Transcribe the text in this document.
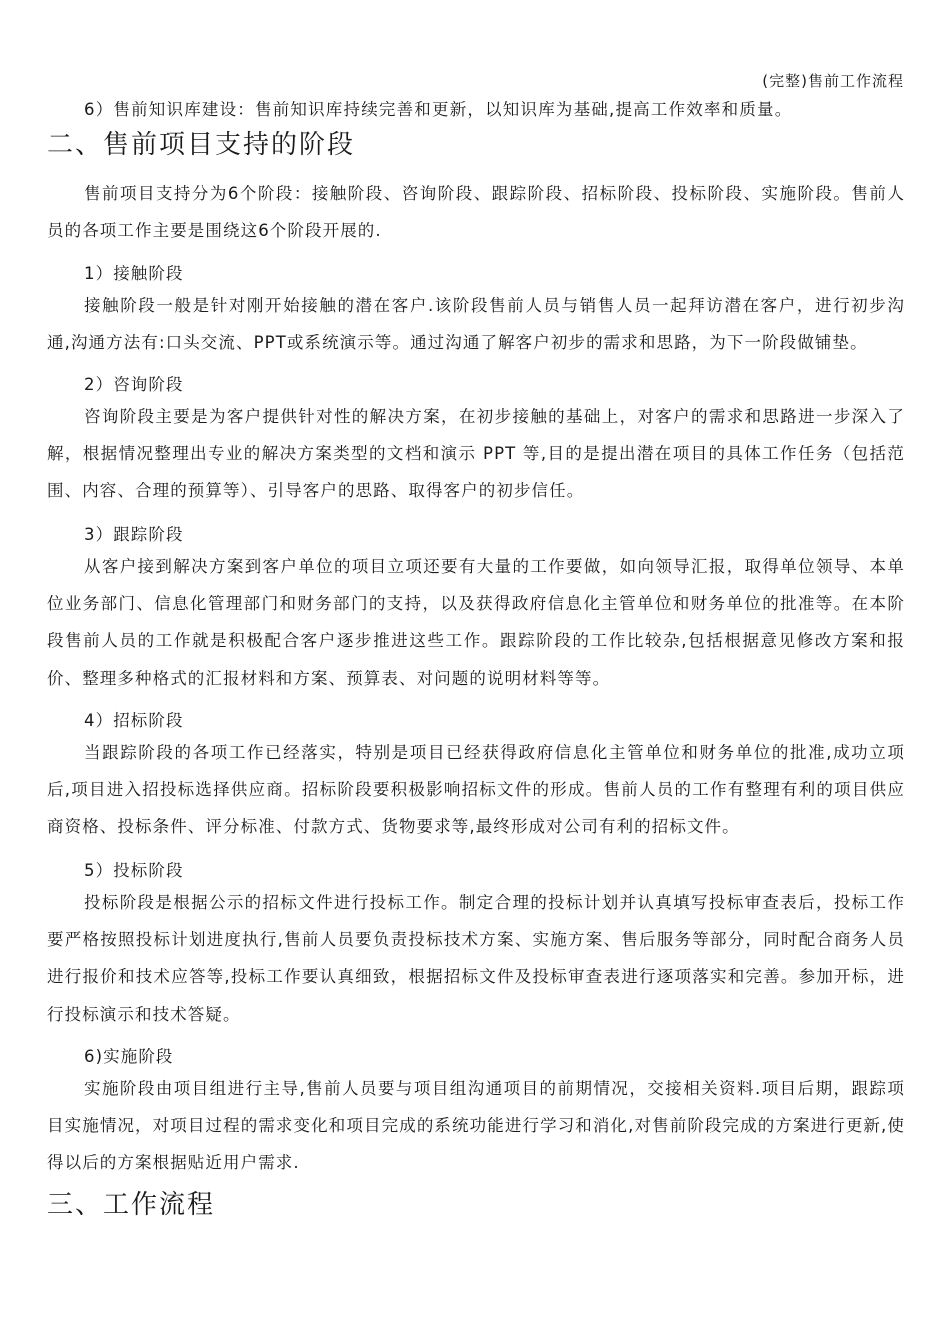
(完整)售前工作流程
6）售前知识库建设：售前知识库持续完善和更新，以知识库为基础,提高工作效率和质量。
二、售前项目支持的阶段

售前项目支持分为6个阶段：接触阶段、咨询阶段、跟踪阶段、招标阶段、投标阶段、实施阶段。售前人员的各项工作主要是围绕这6个阶段开展的.

1）接触阶段

接触阶段一般是针对刚开始接触的潜在客户.该阶段售前人员与销售人员一起拜访潜在客户，进行初步沟通,沟通方法有:口头交流、PPT或系统演示等。通过沟通了解客户初步的需求和思路，为下一阶段做铺垫。

2）咨询阶段

咨询阶段主要是为客户提供针对性的解决方案，在初步接触的基础上，对客户的需求和思路进一步深入了解，根据情况整理出专业的解决方案类型的文档和演示 PPT 等,目的是提出潜在项目的具体工作任务（包括范围、内容、合理的预算等）、引导客户的思路、取得客户的初步信任。

3）跟踪阶段

从客户接到解决方案到客户单位的项目立项还要有大量的工作要做，如向领导汇报，取得单位领导、本单位业务部门、信息化管理部门和财务部门的支持，以及获得政府信息化主管单位和财务单位的批准等。在本阶段售前人员的工作就是积极配合客户逐步推进这些工作。跟踪阶段的工作比较杂,包括根据意见修改方案和报价、整理多种格式的汇报材料和方案、预算表、对问题的说明材料等等。

4）招标阶段

当跟踪阶段的各项工作已经落实，特别是项目已经获得政府信息化主管单位和财务单位的批准,成功立项后,项目进入招投标选择供应商。招标阶段要积极影响招标文件的形成。售前人员的工作有整理有利的项目供应商资格、投标条件、评分标准、付款方式、货物要求等,最终形成对公司有利的招标文件。

5）投标阶段

投标阶段是根据公示的招标文件进行投标工作。制定合理的投标计划并认真填写投标审查表后，投标工作要严格按照投标计划进度执行,售前人员要负责投标技术方案、实施方案、售后服务等部分，同时配合商务人员进行报价和技术应答等,投标工作要认真细致，根据招标文件及投标审查表进行逐项落实和完善。参加开标，进行投标演示和技术答疑。

6)实施阶段

实施阶段由项目组进行主导,售前人员要与项目组沟通项目的前期情况，交接相关资料.项目后期，跟踪项目实施情况，对项目过程的需求变化和项目完成的系统功能进行学习和消化,对售前阶段完成的方案进行更新,使得以后的方案根据贴近用户需求.

三、工作流程
